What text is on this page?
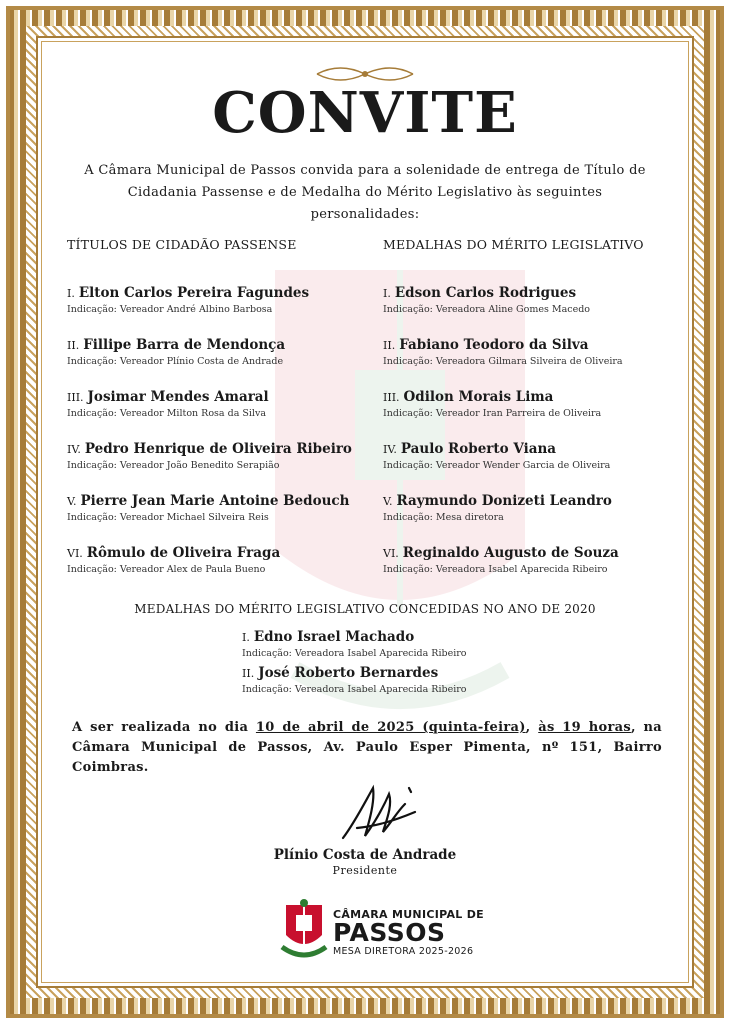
CONVITE
A Câmara Municipal de Passos convida para a solenidade de entrega de Título de Cidadania Passense e de Medalha do Mérito Legislativo às seguintes personalidades:
TÍTULOS DE CIDADÃO PASSENSE
I. Elton Carlos Pereira Fagundes
Indicação: Vereador André Albino Barbosa
II. Fillipe Barra de Mendonça
Indicação: Vereador Plínio Costa de Andrade
III. Josimar Mendes Amaral
Indicação: Vereador Milton Rosa da Silva
IV. Pedro Henrique de Oliveira Ribeiro
Indicação: Vereador João Benedito Serapião
V. Pierre Jean Marie Antoine Bedouch
Indicação: Vereador Michael Silveira Reis
VI. Rômulo de Oliveira Fraga
Indicação: Vereador Alex de Paula Bueno
MEDALHAS DO MÉRITO LEGISLATIVO
I. Edson Carlos Rodrigues
Indicação: Vereadora Aline Gomes Macedo
II. Fabiano Teodoro da Silva
Indicação: Vereadora Gilmara Silveira de Oliveira
III. Odilon Morais Lima
Indicação: Vereador Iran Parreira de Oliveira
IV. Paulo Roberto Viana
Indicação: Vereador Wender Garcia de Oliveira
V. Raymundo Donizeti Leandro
Indicação: Mesa diretora
VI. Reginaldo Augusto de Souza
Indicação: Vereadora Isabel Aparecida Ribeiro
MEDALHAS DO MÉRITO LEGISLATIVO CONCEDIDAS NO ANO DE 2020
I. Edno Israel Machado
Indicação: Vereadora Isabel Aparecida Ribeiro
II. José Roberto Bernardes
Indicação: Vereadora Isabel Aparecida Ribeiro
A ser realizada no dia 10 de abril de 2025 (quinta-feira), às 19 horas, na Câmara Municipal de Passos, Av. Paulo Esper Pimenta, nº 151, Bairro Coimbras.
Plínio Costa de Andrade
Presidente
CÂMARA MUNICIPAL DE
PASSOS
MESA DIRETORA 2025-2026
